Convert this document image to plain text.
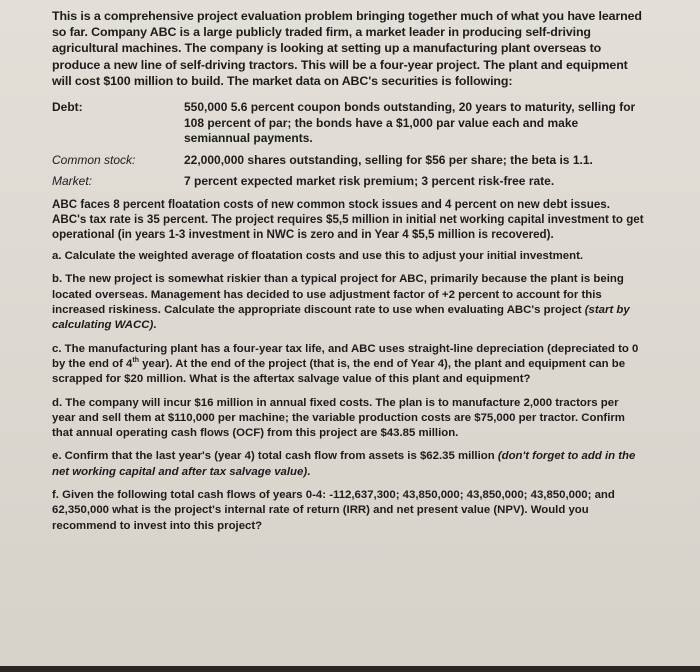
This is a comprehensive project evaluation problem bringing together much of what you have learned so far. Company ABC is a large publicly traded firm, a market leader in producing self-driving agricultural machines. The company is looking at setting up a manufacturing plant overseas to produce a new line of self-driving tractors. This will be a four-year project. The plant and equipment will cost $100 million to build. The market data on ABC's securities is following:

Debt:	550,000 5.6 percent coupon bonds outstanding, 20 years to maturity, selling for 108 percent of par; the bonds have a $1,000 par value each and make semiannual payments.
Common stock:	22,000,000 shares outstanding, selling for $56 per share; the beta is 1.1.
Market:	7 percent expected market risk premium; 3 percent risk-free rate.

ABC faces 8 percent floatation costs of new common stock issues and 4 percent on new debt issues. ABC's tax rate is 35 percent. The project requires $5,5 million in initial net working capital investment to get operational (in years 1-3 investment in NWC is zero and in Year 4 $5,5 million is recovered).

a. Calculate the weighted average of floatation costs and use this to adjust your initial investment.

b. The new project is somewhat riskier than a typical project for ABC, primarily because the plant is being located overseas. Management has decided to use adjustment factor of +2 percent to account for this increased riskiness. Calculate the appropriate discount rate to use when evaluating ABC's project (start by calculating WACC).

c. The manufacturing plant has a four-year tax life, and ABC uses straight-line depreciation (depreciated to 0 by the end of 4th year). At the end of the project (that is, the end of Year 4), the plant and equipment can be scrapped for $20 million. What is the aftertax salvage value of this plant and equipment?

d. The company will incur $16 million in annual fixed costs. The plan is to manufacture 2,000 tractors per year and sell them at $110,000 per machine; the variable production costs are $75,000 per tractor. Confirm that annual operating cash flows (OCF) from this project are $43.85 million.

e. Confirm that the last year's (year 4) total cash flow from assets is $62.35 million (don't forget to add in the net working capital and after tax salvage value).

f. Given the following total cash flows of years 0-4: -112,637,300; 43,850,000; 43,850,000; 43,850,000; and 62,350,000 what is the project's internal rate of return (IRR) and net present value (NPV). Would you recommend to invest into this project?
